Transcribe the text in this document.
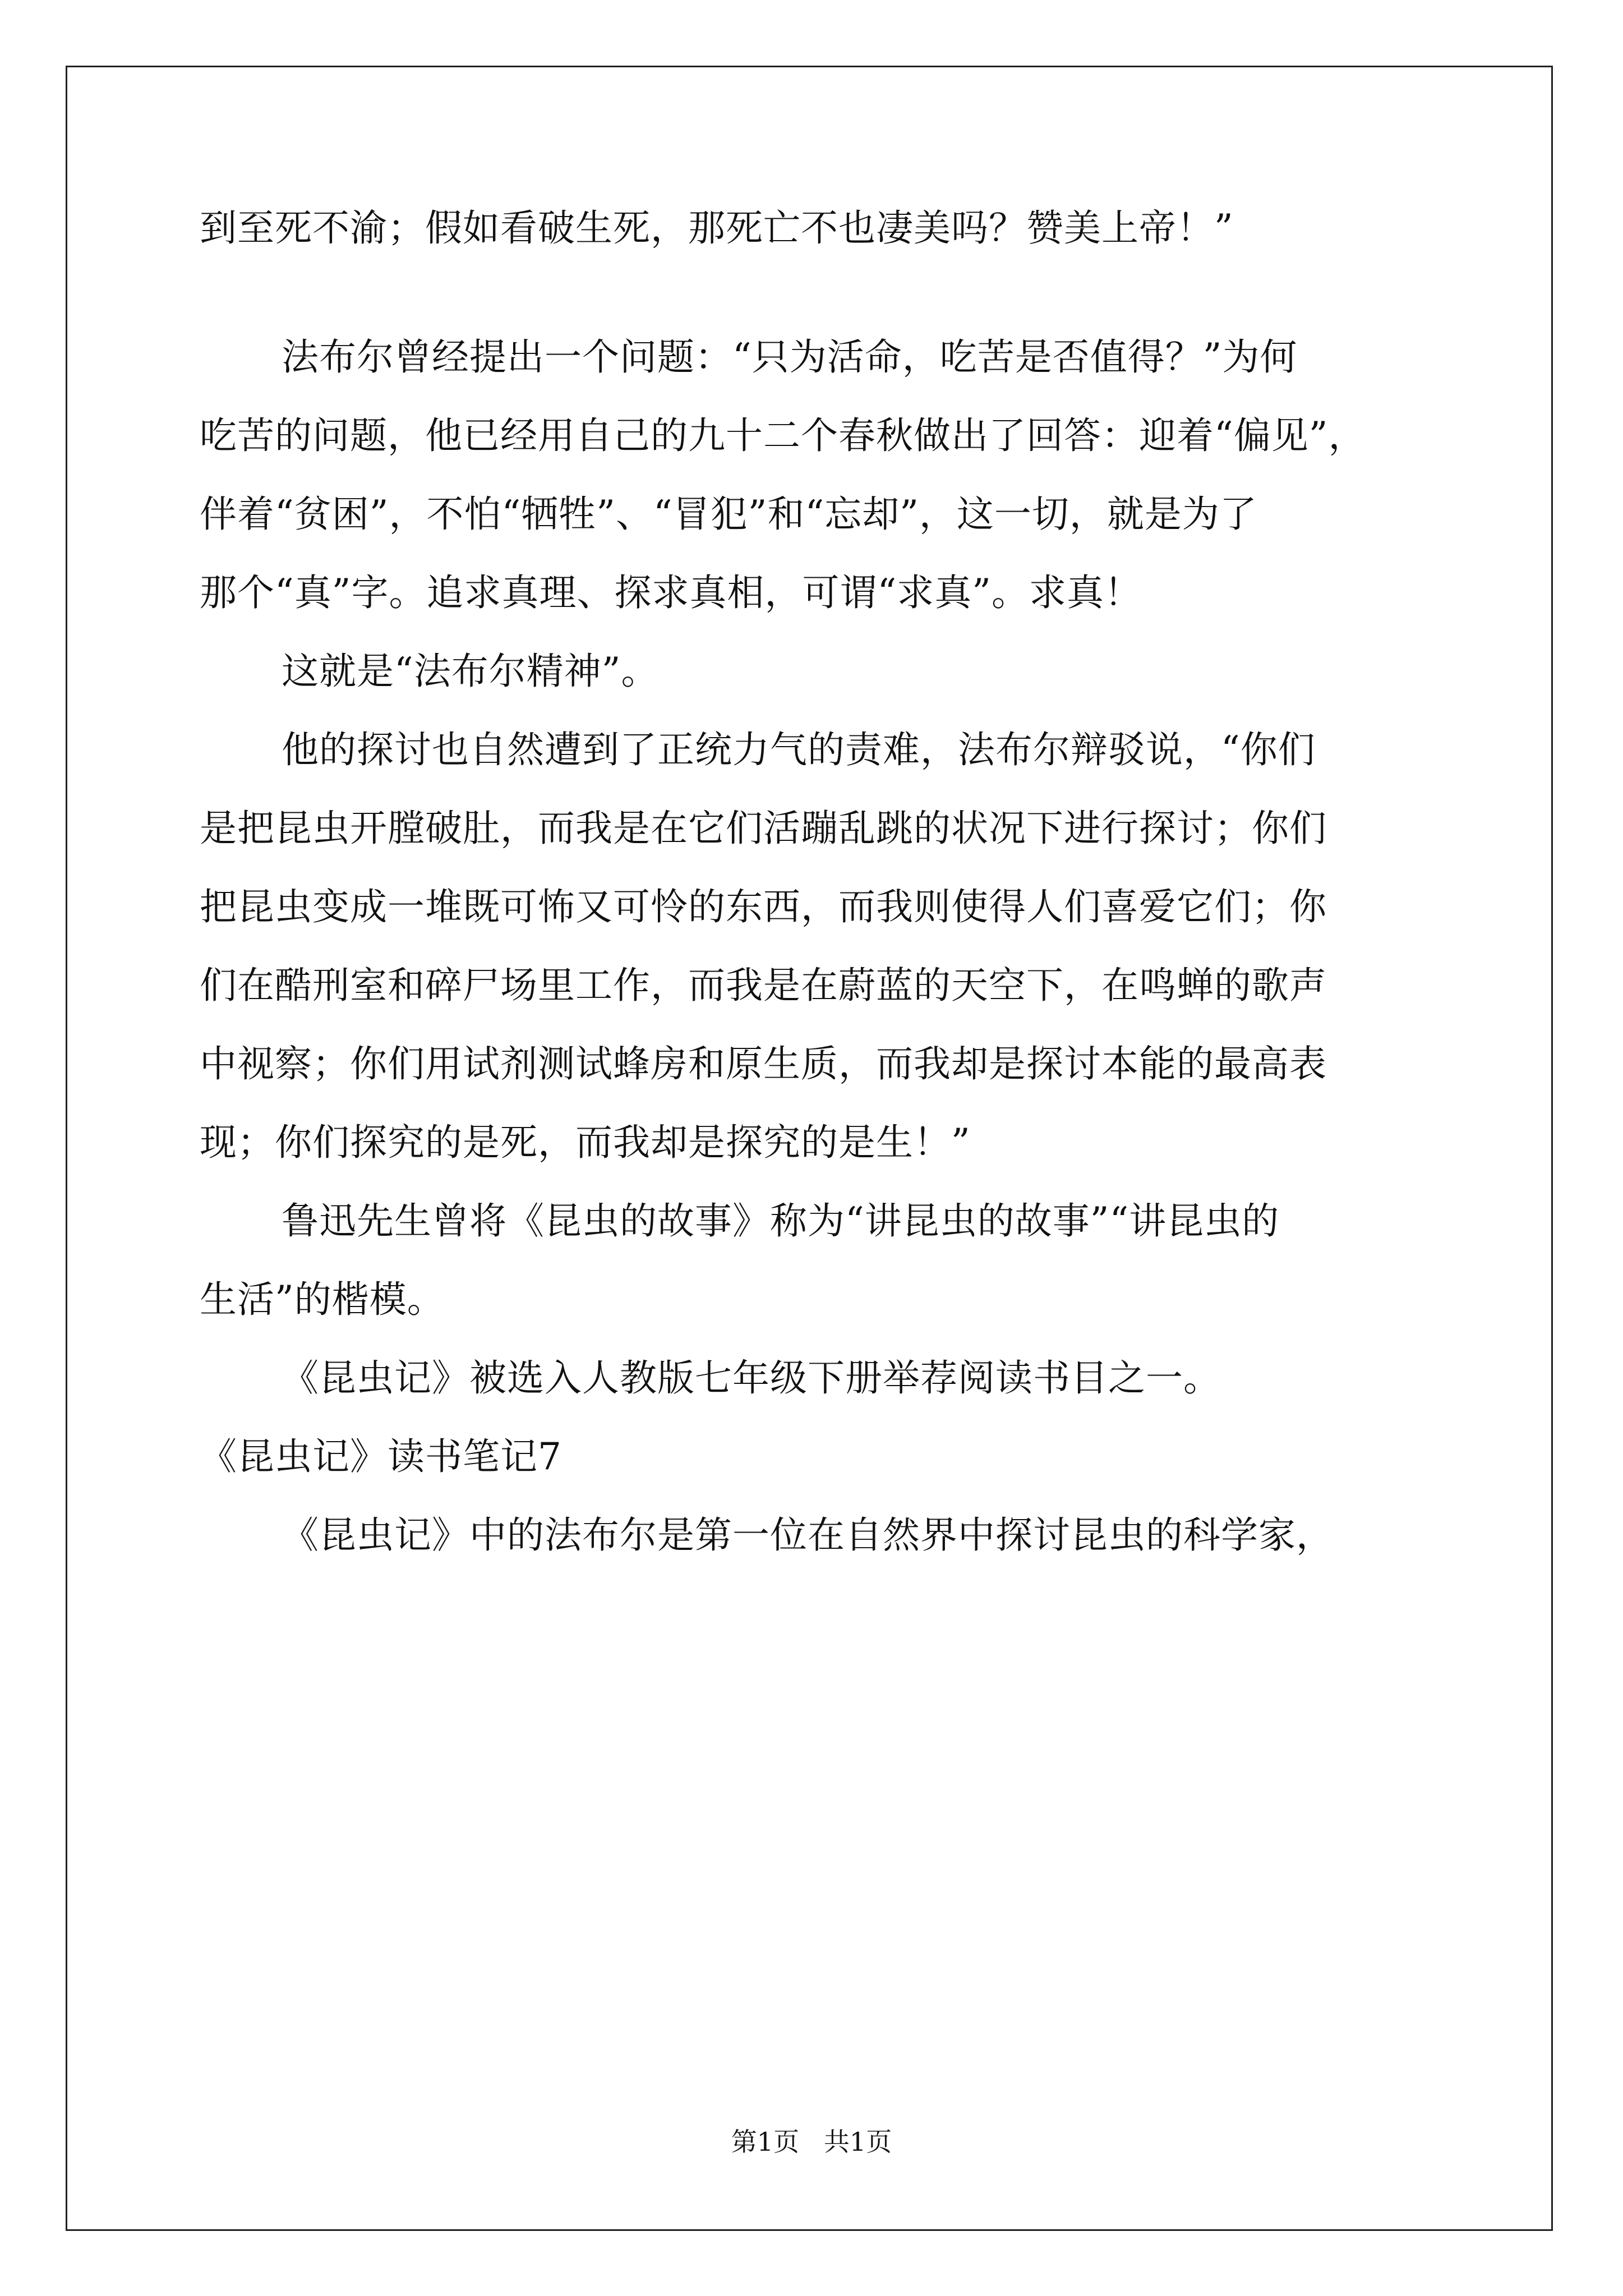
到至死不渝；假如看破生死，那死亡不也凄美吗？赞美上帝！”
法布尔曾经提出一个问题：“只为活命，吃苦是否值得？”为何
吃苦的问题，他已经用自己的九十二个春秋做出了回答：迎着“偏见”，
伴着“贫困”，不怕“牺牲”、“冒犯”和“忘却”，这一切，就是为了
那个“真”字。追求真理、探求真相，可谓“求真”。求真！
这就是“法布尔精神”。
他的探讨也自然遭到了正统力气的责难，法布尔辩驳说，“你们
是把昆虫开膛破肚，而我是在它们活蹦乱跳的状况下进行探讨；你们
把昆虫变成一堆既可怖又可怜的东西，而我则使得人们喜爱它们；你
们在酷刑室和碎尸场里工作，而我是在蔚蓝的天空下，在鸣蝉的歌声
中视察；你们用试剂测试蜂房和原生质，而我却是探讨本能的最高表
现；你们探究的是死，而我却是探究的是生！”
鲁迅先生曾将《昆虫的故事》称为“讲昆虫的故事”“讲昆虫的
生活”的楷模。
《昆虫记》被选入人教版七年级下册举荐阅读书目之一。
《昆虫记》读书笔记7
《昆虫记》中的法布尔是第一位在自然界中探讨昆虫的科学家，
第1页   共1页
